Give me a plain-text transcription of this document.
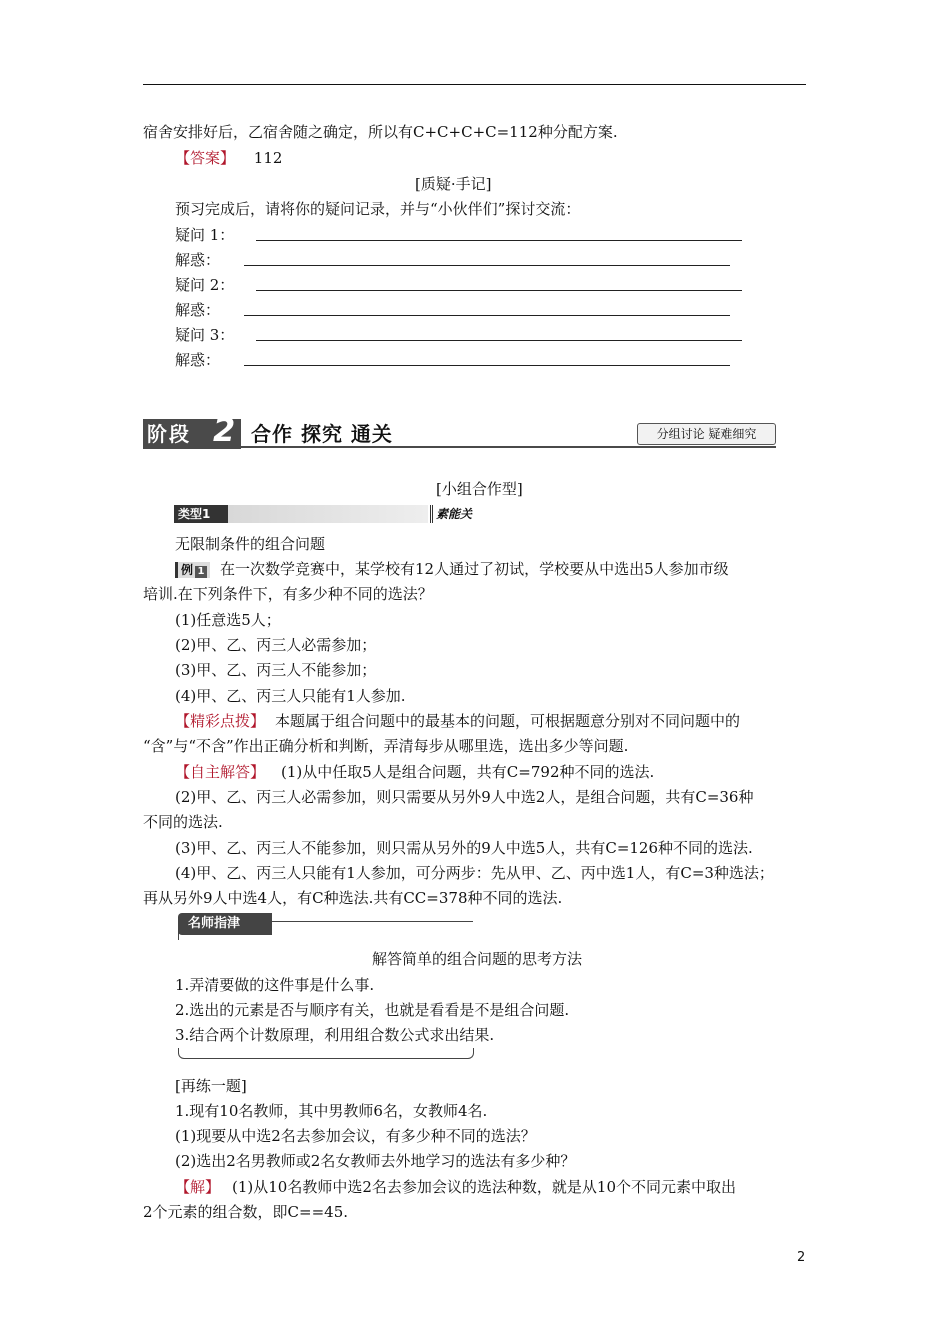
宿舍安排好后，乙宿舍随之确定，所以有C+C+C+C=112种分配方案.
【答案】 112
[质疑·手记]
预习完成后，请将你的疑问记录，并与“小伙伴们”探讨交流：
疑问 1：
解惑：
疑问 2：
解惑：
疑问 3：
解惑：
阶段 2 合作 探究 通关	分组讨论 疑难细究
[小组合作型]
类型1	素能关
无限制条件的组合问题
例 1 在一次数学竞赛中，某学校有12人通过了初试，学校要从中选出5人参加市级
培训.在下列条件下，有多少种不同的选法？
(1)任意选5人；
(2)甲、乙、丙三人必需参加；
(3)甲、乙、丙三人不能参加；
(4)甲、乙、丙三人只能有1人参加.
【精彩点拨】 本题属于组合问题中的最基本的问题，可根据题意分别对不同问题中的
“含”与“不含”作出正确分析和判断，弄清每步从哪里选，选出多少等问题.
【自主解答】 (1)从中任取5人是组合问题，共有C=792种不同的选法.
(2)甲、乙、丙三人必需参加，则只需要从另外9人中选2人，是组合问题，共有C=36种
不同的选法.
(3)甲、乙、丙三人不能参加，则只需从另外的9人中选5人，共有C=126种不同的选法.
(4)甲、乙、丙三人只能有1人参加，可分两步：先从甲、乙、丙中选1人，有C=3种选法；
再从另外9人中选4人，有C种选法.共有CC=378种不同的选法.
名师指津
解答简单的组合问题的思考方法
1.弄清要做的这件事是什么事.
2.选出的元素是否与顺序有关，也就是看看是不是组合问题.
3.结合两个计数原理，利用组合数公式求出结果.
[再练一题]
1.现有10名教师，其中男教师6名，女教师4名.
(1)现要从中选2名去参加会议，有多少种不同的选法？
(2)选出2名男教师或2名女教师去外地学习的选法有多少种？
【解】 (1)从10名教师中选2名去参加会议的选法种数，就是从10个不同元素中取出
2个元素的组合数，即C==45.
2
